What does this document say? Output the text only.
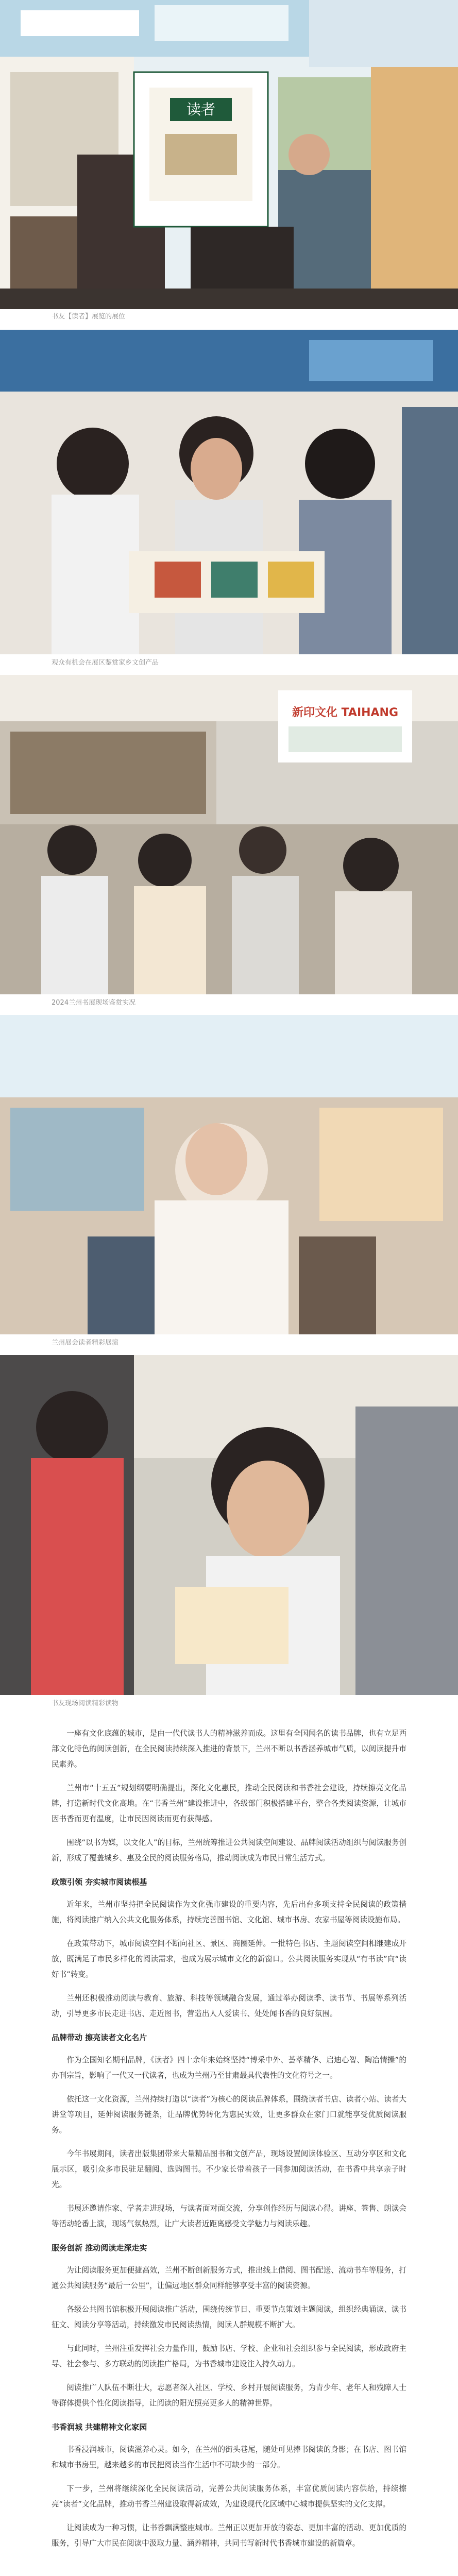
读者
书友【读者】展览的展位
观众有机会在展区鉴赏家乡文创产品
新印文化 TAIHANG
2024兰州书展现场鉴赏实况
兰州展会读者精彩展演
书友现场阅读精彩读物

一座有文化底蕴的城市，是由一代代读书人的精神滋养而成。这里有全国闻名的读书品牌，也有立足西部文化特色的阅读创新，在全民阅读持续深入推进的背景下，兰州不断以书香涵养城市气质，以阅读提升市民素养。

兰州市“十五五”规划纲要明确提出，深化文化惠民，推动全民阅读和书香社会建设，持续擦亮文化品牌，打造新时代文化高地。在“书香兰州”建设推进中，各级部门积极搭建平台，整合各类阅读资源，让城市因书香而更有温度，让市民因阅读而更有获得感。

围绕“以书为媒，以文化人”的目标，兰州统筹推进公共阅读空间建设、品牌阅读活动组织与阅读服务创新，形成了覆盖城乡、惠及全民的阅读服务格局，推动阅读成为市民日常生活方式。

政策引领 夯实城市阅读根基

近年来，兰州市坚持把全民阅读作为文化强市建设的重要内容，先后出台多项支持全民阅读的政策措施，将阅读推广纳入公共文化服务体系，持续完善图书馆、文化馆、城市书房、农家书屋等阅读设施布局。

在政策带动下，城市阅读空间不断向社区、景区、商圈延伸。一批特色书店、主题阅读空间相继建成开放，既满足了市民多样化的阅读需求，也成为展示城市文化的新窗口。公共阅读服务实现从“有书读”向“读好书”转变。

兰州还积极推动阅读与教育、旅游、科技等领域融合发展，通过举办阅读季、读书节、书展等系列活动，引导更多市民走进书店、走近图书，营造出人人爱读书、处处闻书香的良好氛围。

品牌带动 擦亮读者文化名片

作为全国知名期刊品牌，《读者》四十余年来始终坚持“博采中外、荟萃精华、启迪心智、陶冶情操”的办刊宗旨，影响了一代又一代读者，也成为兰州乃至甘肃最具代表性的文化符号之一。

依托这一文化资源，兰州持续打造以“读者”为核心的阅读品牌体系，围绕读者书店、读者小站、读者大讲堂等项目，延伸阅读服务链条，让品牌优势转化为惠民实效，让更多群众在家门口就能享受优质阅读服务。

今年书展期间，读者出版集团带来大量精品图书和文创产品，现场设置阅读体验区、互动分享区和文化展示区，吸引众多市民驻足翻阅、选购图书。不少家长带着孩子一同参加阅读活动，在书香中共享亲子时光。

书展还邀请作家、学者走进现场，与读者面对面交流，分享创作经历与阅读心得。讲座、签售、朗读会等活动轮番上演，现场气氛热烈，让广大读者近距离感受文学魅力与阅读乐趣。

服务创新 推动阅读走深走实

为让阅读服务更加便捷高效，兰州不断创新服务方式，推出线上借阅、图书配送、流动书车等服务，打通公共阅读服务“最后一公里”，让偏远地区群众同样能够享受丰富的阅读资源。

各级公共图书馆积极开展阅读推广活动，围绕传统节日、重要节点策划主题阅读，组织经典诵读、读书征文、阅读分享等活动，持续激发市民阅读热情，阅读人群规模不断扩大。

与此同时，兰州注重发挥社会力量作用，鼓励书店、学校、企业和社会组织参与全民阅读，形成政府主导、社会参与、多方联动的阅读推广格局，为书香城市建设注入持久动力。

阅读推广人队伍不断壮大，志愿者深入社区、学校、乡村开展阅读服务，为青少年、老年人和残障人士等群体提供个性化阅读指导，让阅读的阳光照亮更多人的精神世界。

书香润城 共建精神文化家园

书香浸润城市，阅读滋养心灵。如今，在兰州的街头巷尾，随处可见捧书阅读的身影；在书店、图书馆和城市书房里，越来越多的市民把阅读当作生活中不可缺少的一部分。

下一步，兰州将继续深化全民阅读活动，完善公共阅读服务体系，丰富优质阅读内容供给，持续擦亮“读者”文化品牌，推动书香兰州建设取得新成效，为建设现代化区域中心城市提供坚实的文化支撑。

让阅读成为一种习惯，让书香飘满整座城市。兰州正以更加开放的姿态、更加丰富的活动、更加优质的服务，引导广大市民在阅读中汲取力量、涵养精神，共同书写新时代书香城市建设的新篇章。
